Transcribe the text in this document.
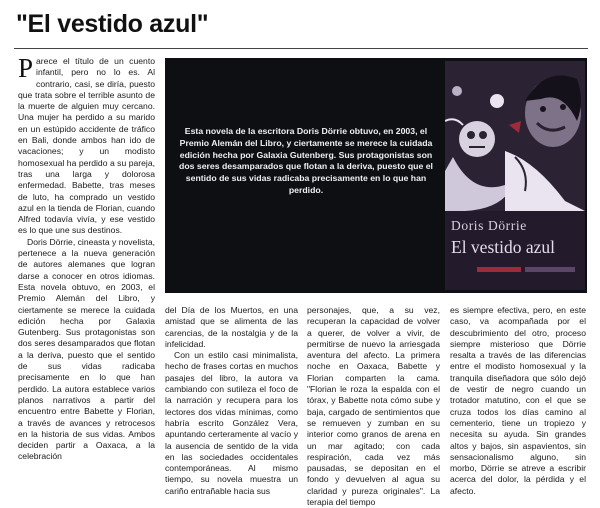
"El vestido azul"

Parece el título de un cuento infantil, pero no lo es. Al contrario, casi, se diría, puesto que trata sobre el terrible asunto de la muerte de alguien muy cercano. Una mujer ha perdido a su marido en un estúpido accidente de tráfico en Bali, donde ambos han ido de vacaciones; y un modisto homosexual ha perdido a su pareja, tras una larga y dolorosa enfermedad. Babette, tras meses de luto, ha comprado un vestido azul en la tienda de Florian, cuando Alfred todavía vivía, y ese vestido es lo que une sus destinos.

Doris Dörrie, cineasta y novelista, pertenece a la nueva generación de autores alemanes que logran darse a conocer en otros idiomas. Esta novela obtuvo, en 2003, el Premio Alemán del Libro, y ciertamente se merece la cuidada edición hecha por Galaxia Gutenberg. Sus protagonistas son dos seres desamparados que flotan a la deriva, puesto que el sentido de sus vidas radicaba precisamente en lo que han perdido. La autora establece varios planos narrativos a partir del encuentro entre Babette y Florian, a través de avances y retrocesos en la historia de sus vidas. Ambos deciden partir a Oaxaca, a la celebración

Esta novela de la escritora Doris Dörrie obtuvo, en 2003, el Premio Alemán del Libro, y ciertamente se merece la cuidada edición hecha por Galaxia Gutenberg. Sus protagonistas son dos seres desamparados que flotan a la deriva, puesto que el sentido de sus vidas radicaba precisamente en lo que han perdido.
Doris Dörrie
El vestido azul

del Día de los Muertos, en una amistad que se alimenta de las carencias, de la nostalgia y de la infelicidad.

Con un estilo casi minimalista, hecho de frases cortas en muchos pasajes del libro, la autora va cambiando con sutileza el foco de la narración y recupera para los lectores dos vidas mínimas, como habría escrito González Vera, apuntando certeramente al vacío y la ausencia de sentido de la vida en las sociedades occidentales contemporáneas. Al mismo tiempo, su novela muestra un cariño entrañable hacia sus

personajes, que, a su vez, recuperan la capacidad de volver a querer, de volver a vivir, de permitirse de nuevo la arriesgada aventura del afecto. La primera noche en Oaxaca, Babette y Florian comparten la cama. "Florian le roza la espalda con el tórax, y Babette nota cómo sube y baja, cargado de sentimientos que se remueven y zumban en su interior como granos de arena en un mar agitado; con cada respiración, cada vez más pausadas, se depositan en el fondo y devuelven al agua su claridad y pureza originales". La terapia del tiempo

es siempre efectiva, pero, en este caso, va acompañada por el descubrimiento del otro, proceso siempre misterioso que Dörrie resalta a través de las diferencias entre el modisto homosexual y la tranquila diseñadora que sólo dejó de vestir de negro cuando un trotador matutino, con el que se cruza todos los días camino al cementerio, tiene un tropiezo y necesita su ayuda. Sin grandes altos y bajos, sin aspavientos, sin sensacionalismo alguno, sin morbo, Dörrie se atreve a escribir acerca del dolor, la pérdida y el afecto.
